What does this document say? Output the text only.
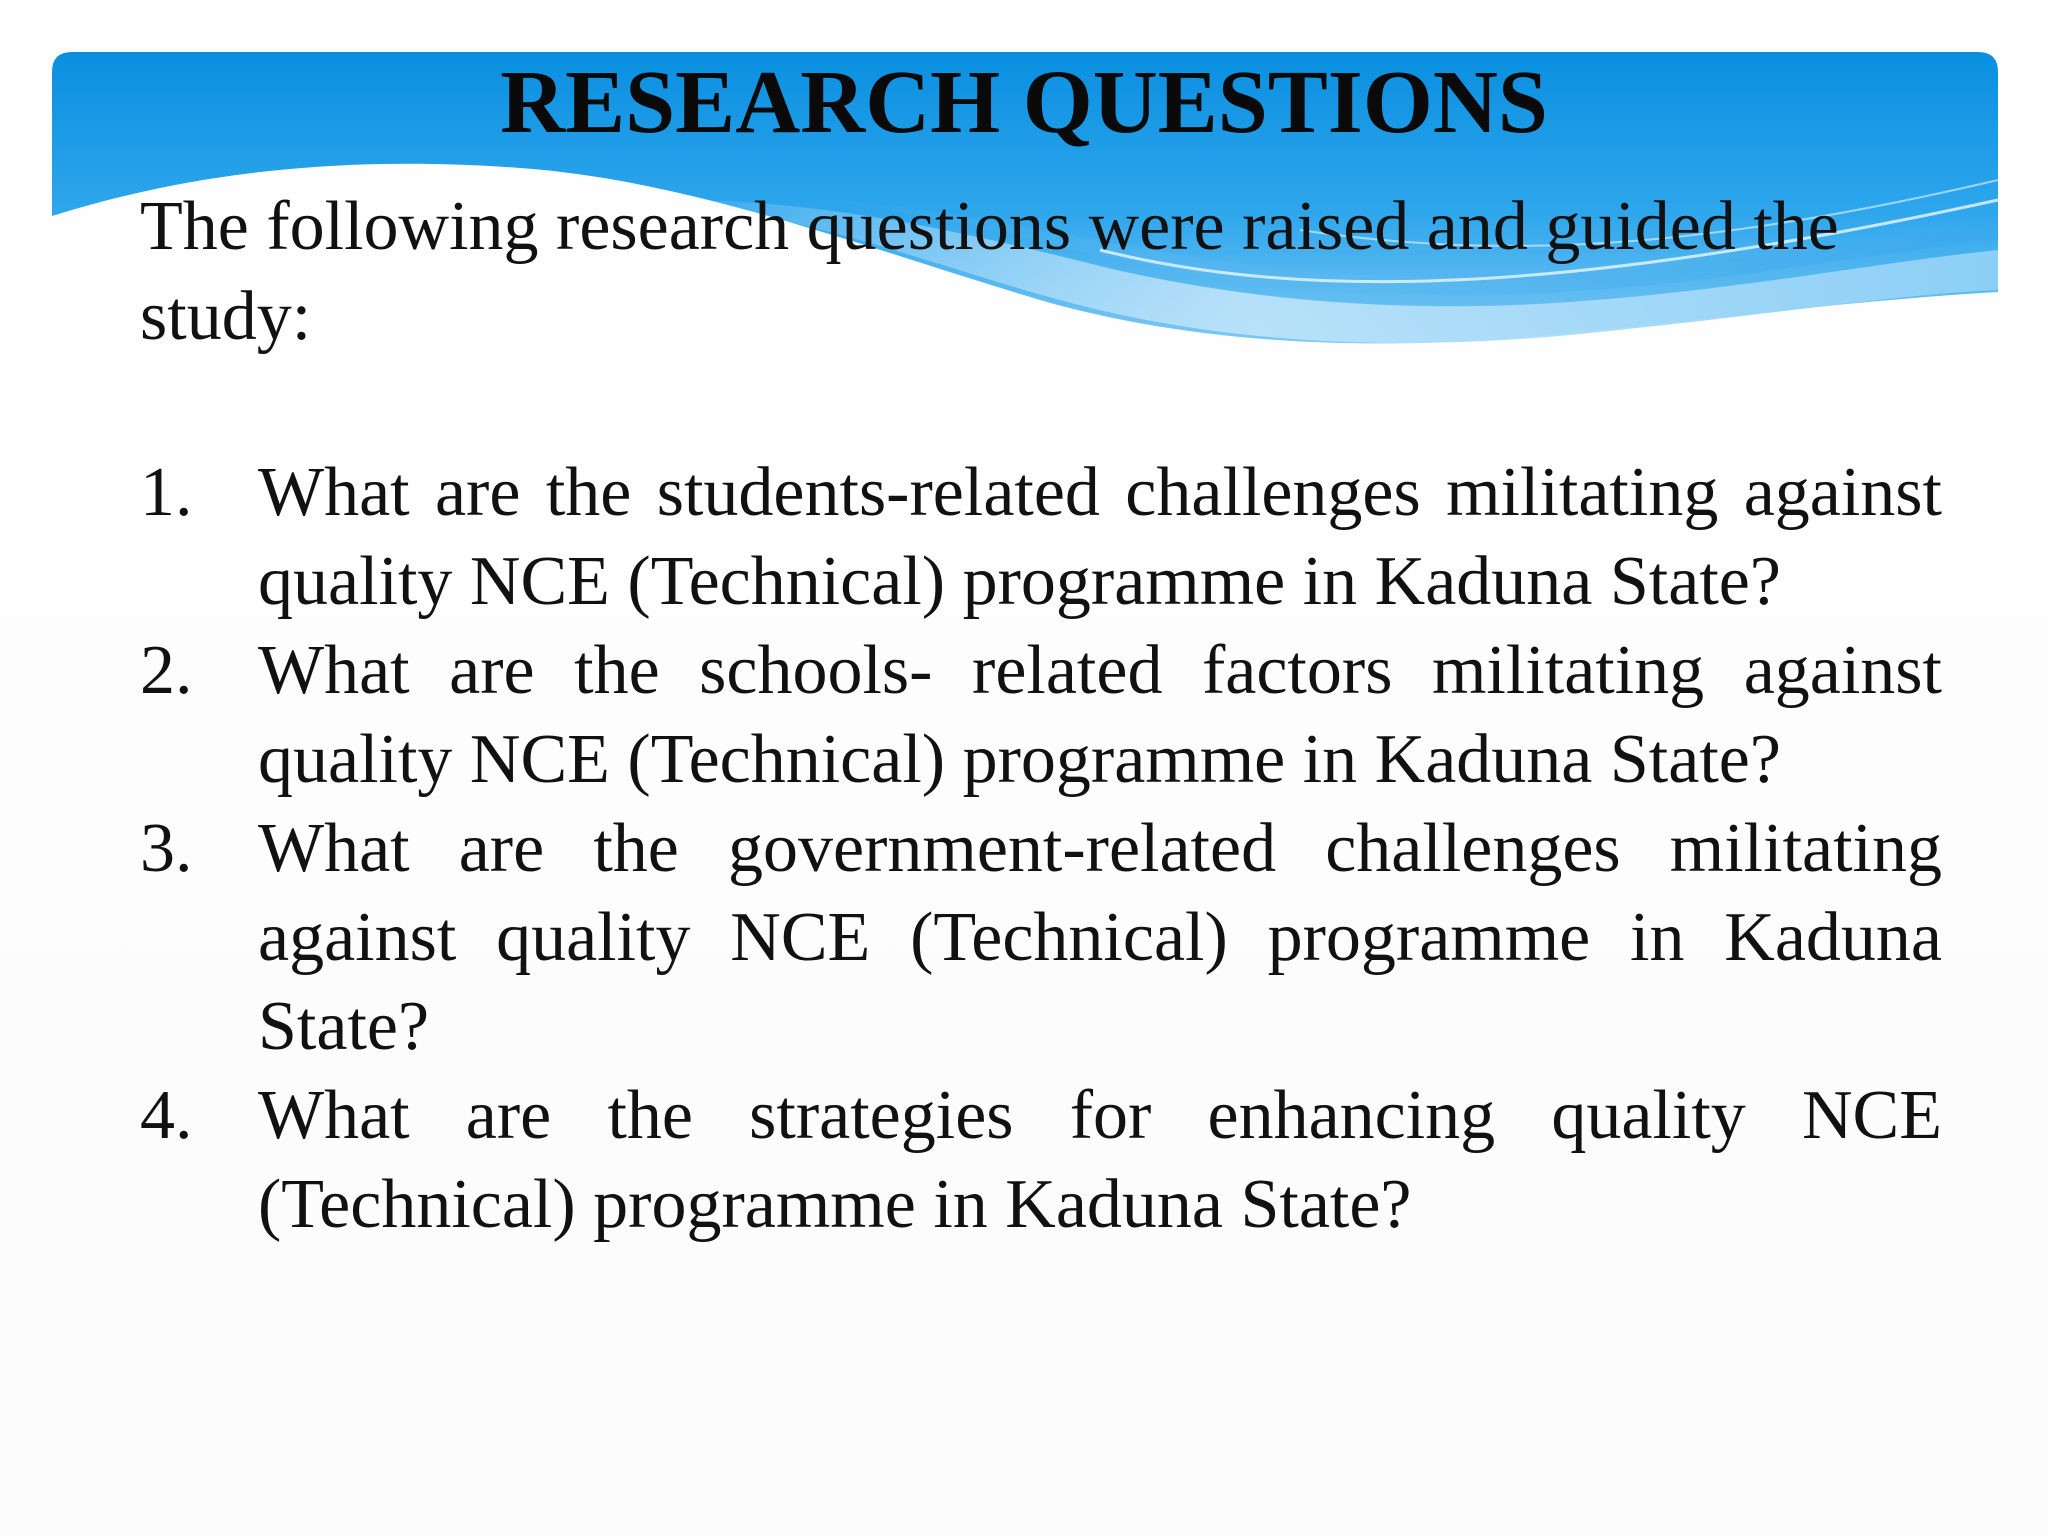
RESEARCH QUESTIONS

The following research questions were raised and guided the study:

1. What are the students-related challenges militating against quality NCE (Technical) programme in Kaduna State?
2. What are the schools- related factors militating against quality NCE (Technical) programme in Kaduna State?
3. What are the government-related challenges militating against quality NCE (Technical) programme in Kaduna State?
4. What are the strategies for enhancing quality NCE (Technical) programme in Kaduna State?
